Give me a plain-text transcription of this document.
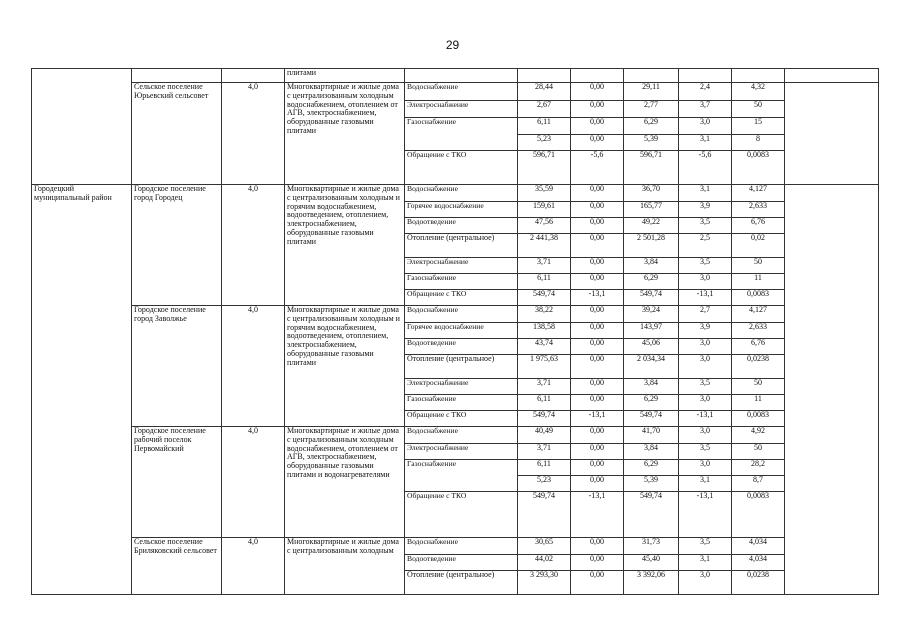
29
			плитами							
	Сельское поселение Юрьевский сельсовет	4,0	Многоквартирные и жилые дома с централизованным холодным водоснабжением, отоплением от АГВ, электроснабжением, оборудованные газовыми плитами	Водоснабжение	28,44	0,00	29,11	2,4	4,32	
				Электроснабжение	2,67	0,00	2,77	3,7	50	
				Газоснабжение	6,11	0,00	6,29	3,0	15	
					5,23	0,00	5,39	3,1	8	
				Обращение с ТКО	596,71	-5,6	596,71	-5,6	0,0083	
Городецкий муниципальный район	Городское поселение город Городец	4,0	Многоквартирные и жилые дома с централизованным холодным и горячим водоснабжением, водоотведением, отоплением, электроснабжением, оборудованные газовыми плитами	Водоснабжение	35,59	0,00	36,70	3,1	4,127	
				Горячее водоснабжение	159,61	0,00	165,77	3,9	2,633	
				Водоотведение	47,56	0,00	49,22	3,5	6,76	
				Отопление (центральное)	2 441,38	0,00	2 501,28	2,5	0,02	
				Электроснабжение	3,71	0,00	3,84	3,5	50	
				Газоснабжение	6,11	0,00	6,29	3,0	11	
				Обращение с ТКО	549,74	-13,1	549,74	-13,1	0,0083	
	Городское поселение город Заволжье	4,0	Многоквартирные и жилые дома с централизованным холодным и горячим водоснабжением, водоотведением, отоплением, электроснабжением, оборудованные газовыми плитами	Водоснабжение	38,22	0,00	39,24	2,7	4,127	
				Горячее водоснабжение	138,58	0,00	143,97	3,9	2,633	
				Водоотведение	43,74	0,00	45,06	3,0	6,76	
				Отопление (центральное)	1 975,63	0,00	2 034,34	3,0	0,0238	
				Электроснабжение	3,71	0,00	3,84	3,5	50	
				Газоснабжение	6,11	0,00	6,29	3,0	11	
				Обращение с ТКО	549,74	-13,1	549,74	-13,1	0,0083	
	Городское поселение рабочий поселок Первомайский	4,0	Многоквартирные и жилые дома с централизованным холодным водоснабжением, отоплением от АГВ, электроснабжением, оборудованные газовыми плитами и водонагревателями	Водоснабжение	40,49	0,00	41,70	3,0	4,92	
				Электроснабжение	3,71	0,00	3,84	3,5	50	
				Газоснабжение	6,11	0,00	6,29	3,0	28,2	
					5,23	0,00	5,39	3,1	8,7	
				Обращение с ТКО	549,74	-13,1	549,74	-13,1	0,0083	
	Сельское поселение Бриляковский сельсовет	4,0	Многоквартирные и жилые дома с централизованным холодным	Водоснабжение	30,65	0,00	31,73	3,5	4,034	
				Водоотведение	44,02	0,00	45,40	3,1	4,034	
				Отопление (центральное)	3 293,30	0,00	3 392,06	3,0	0,0238	
